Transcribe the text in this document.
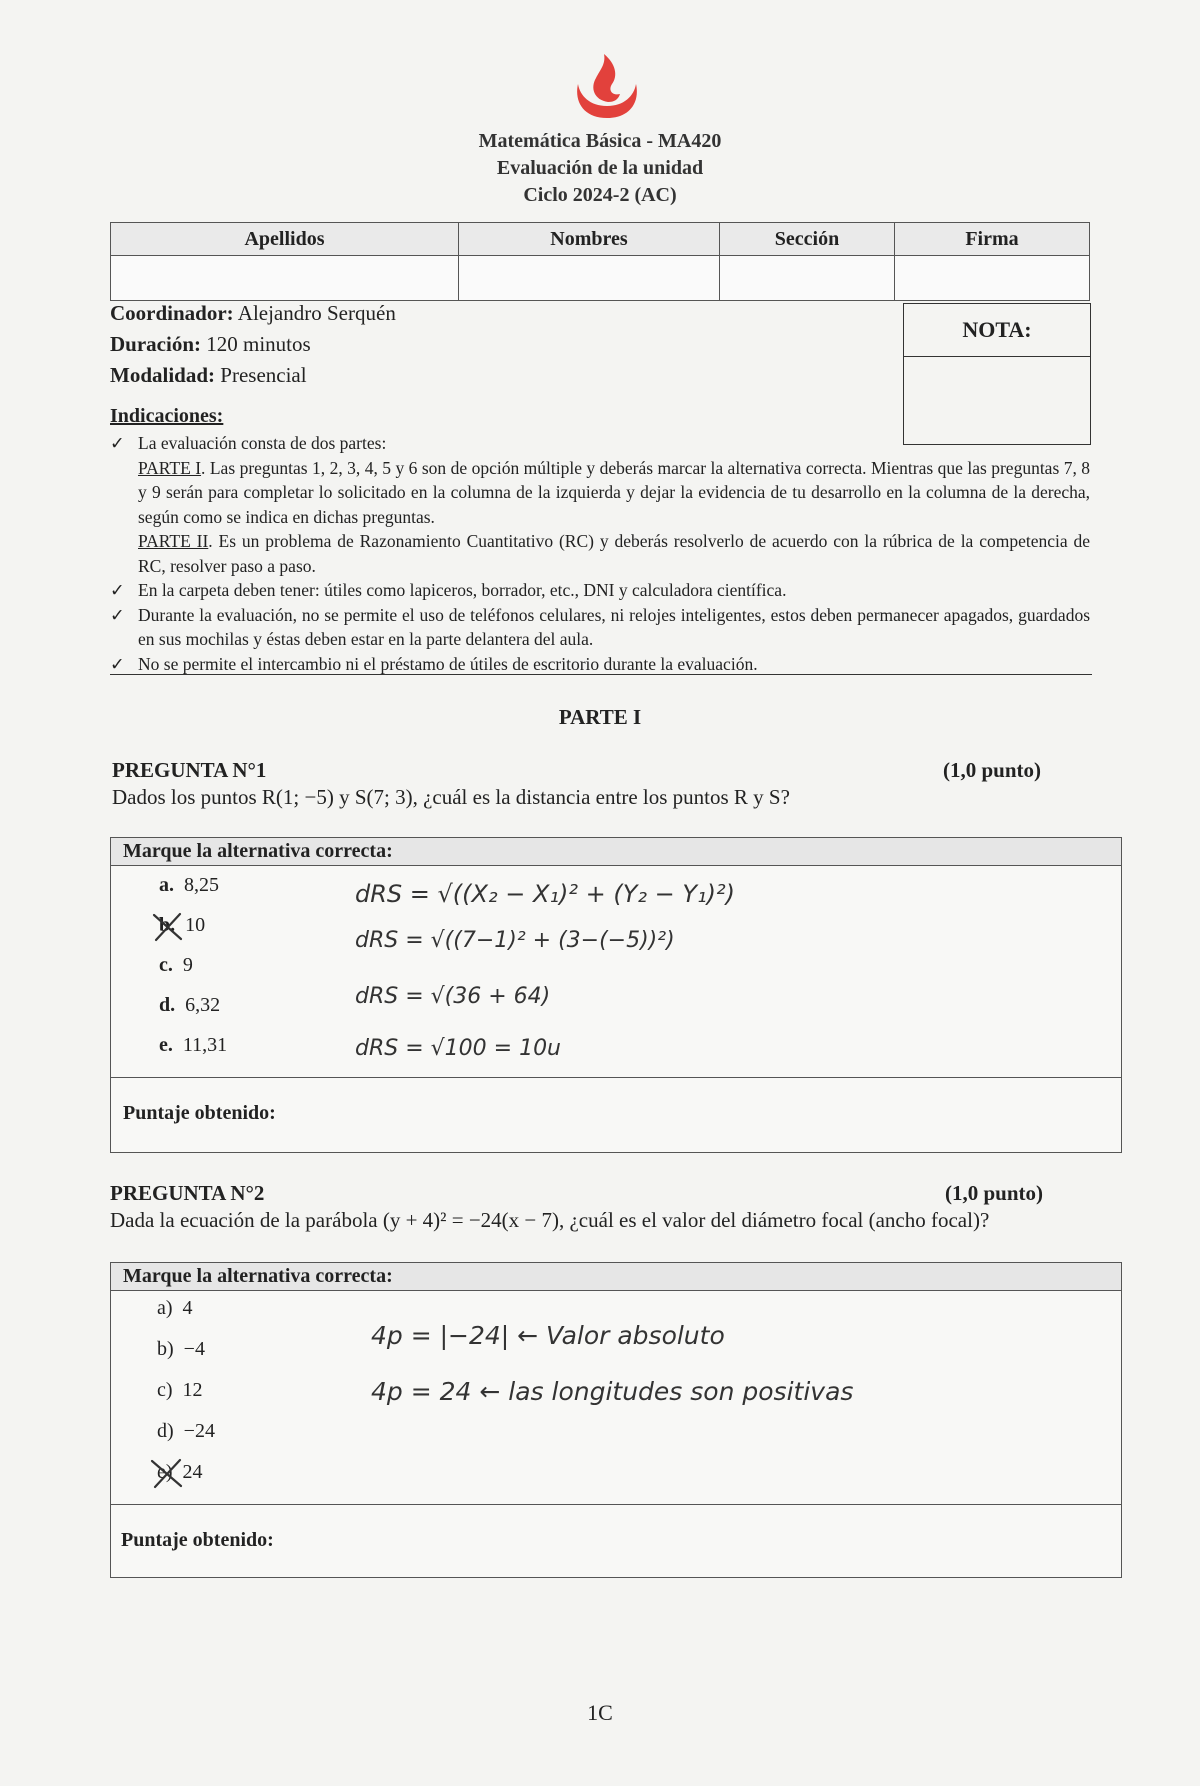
Matemática Básica - MA420
Evaluación de la unidad
Ciclo 2024-2 (AC)
Apellidos	Nombres	Sección	Firma

Coordinador: Alejandro Serquén
Duración: 120 minutos
Modalidad: Presencial
NOTA:
Indicaciones:
✓ La evaluación consta de dos partes:
PARTE I. Las preguntas 1, 2, 3, 4, 5 y 6 son de opción múltiple y deberás marcar la alternativa correcta. Mientras que las preguntas 7, 8 y 9 serán para completar lo solicitado en la columna de la izquierda y dejar la evidencia de tu desarrollo en la columna de la derecha, según como se indica en dichas preguntas.
PARTE II. Es un problema de Razonamiento Cuantitativo (RC) y deberás resolverlo de acuerdo con la rúbrica de la competencia de RC, resolver paso a paso.
✓ En la carpeta deben tener: útiles como lapiceros, borrador, etc., DNI y calculadora científica.
✓ Durante la evaluación, no se permite el uso de teléfonos celulares, ni relojes inteligentes, estos deben permanecer apagados, guardados en sus mochilas y éstas deben estar en la parte delantera del aula.
✓ No se permite el intercambio ni el préstamo de útiles de escritorio durante la evaluación.
PARTE I
PREGUNTA N°1	(1,0 punto)
Dados los puntos R(1; −5) y S(7; 3), ¿cuál es la distancia entre los puntos R y S?
Marque la alternativa correcta:
a. 8,25
b. 10
c. 9
d. 6,32
e. 11,31
dRS = √((X₂ − X₁)² + (Y₂ − Y₁)²)
dRS = √((7−1)² + (3−(−5))²)
dRS = √(36 + 64)
dRS = √100 = 10u
Puntaje obtenido:
PREGUNTA N°2	(1,0 punto)
Dada la ecuación de la parábola (y + 4)² = −24(x − 7), ¿cuál es el valor del diámetro focal (ancho focal)?
Marque la alternativa correcta:
a) 4
b) −4
c) 12
d) −24
e) 24
4p = |−24| ← Valor absoluto
4p = 24 ← las longitudes son positivas
Puntaje obtenido:
1C
